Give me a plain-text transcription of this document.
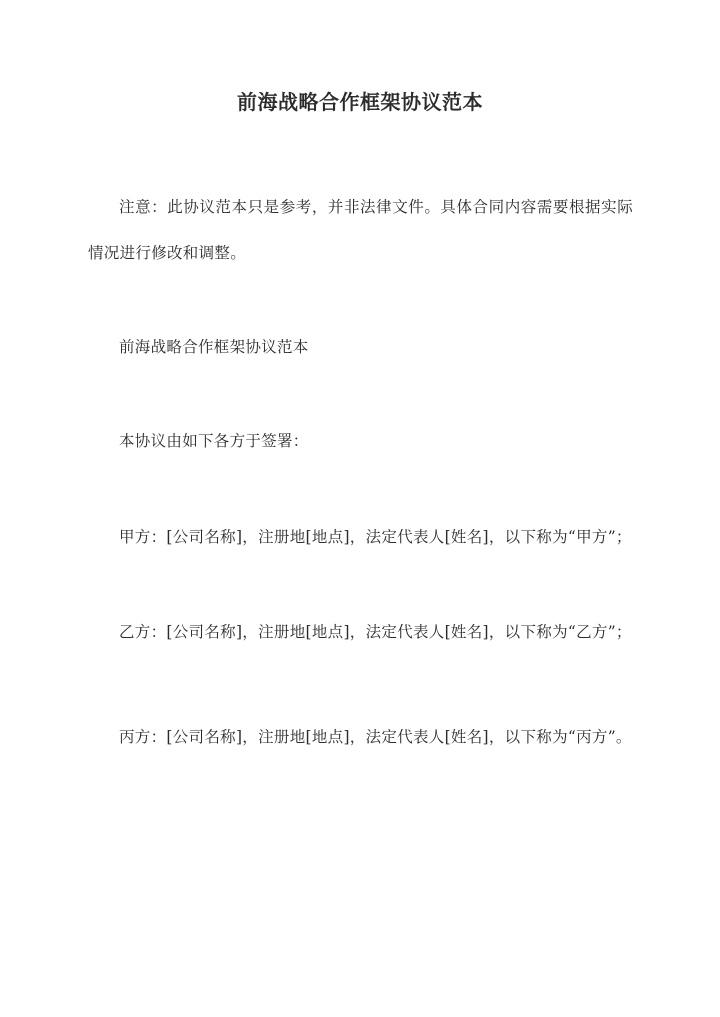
前海战略合作框架协议范本

注意：此协议范本只是参考，并非法律文件。具体合同内容需要根据实际情况进行修改和调整。

前海战略合作框架协议范本

本协议由如下各方于签署：

甲方：[公司名称]，注册地[地点]，法定代表人[姓名]，以下称为“甲方”；

乙方：[公司名称]，注册地[地点]，法定代表人[姓名]，以下称为“乙方”；

丙方：[公司名称]，注册地[地点]，法定代表人[姓名]，以下称为“丙方”。
